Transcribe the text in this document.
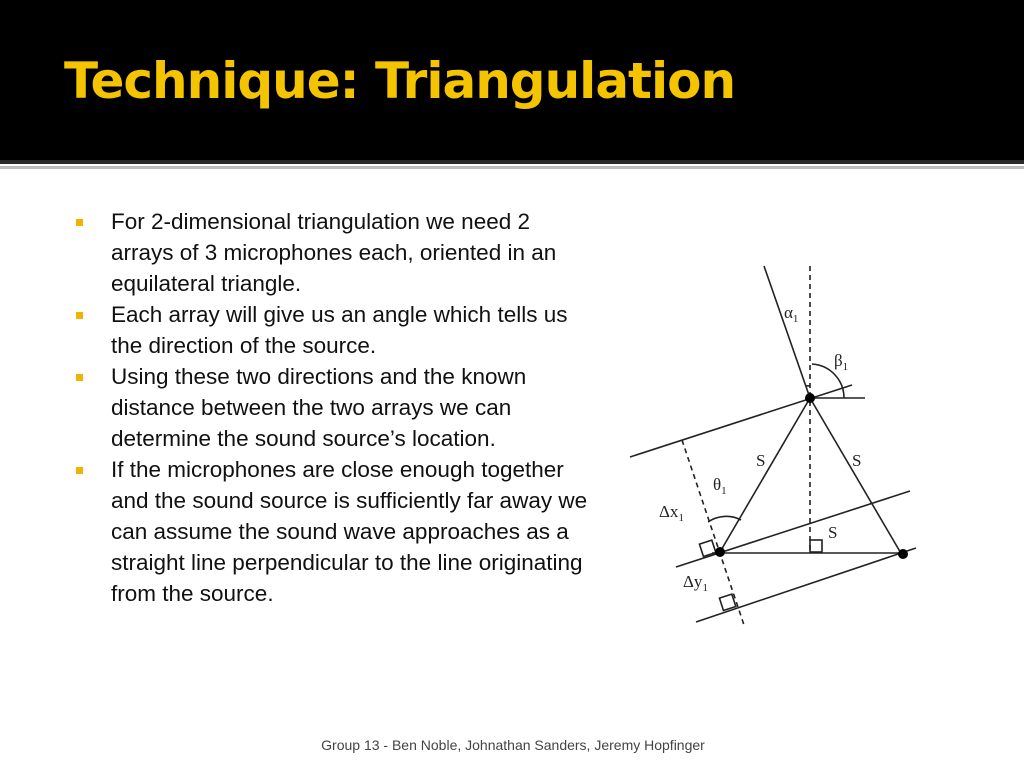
Technique: Triangulation
For 2-dimensional triangulation we need 2 arrays of 3 microphones each, oriented in an equilateral triangle.
Each array will give us an angle which tells us the direction of the source.
Using these two directions and the known distance between the two arrays we can determine the sound source’s location.
If the microphones are close enough together and the sound source is sufficiently far away we can assume the sound wave approaches as a straight line perpendicular to the line originating from the source.
$\alpha_1$
$\beta_1$
$\theta_1$
$\Delta x_1$
$\Delta y_1$
S	S
S

Group 13 - Ben Noble, Johnathan Sanders, Jeremy Hopfinger
